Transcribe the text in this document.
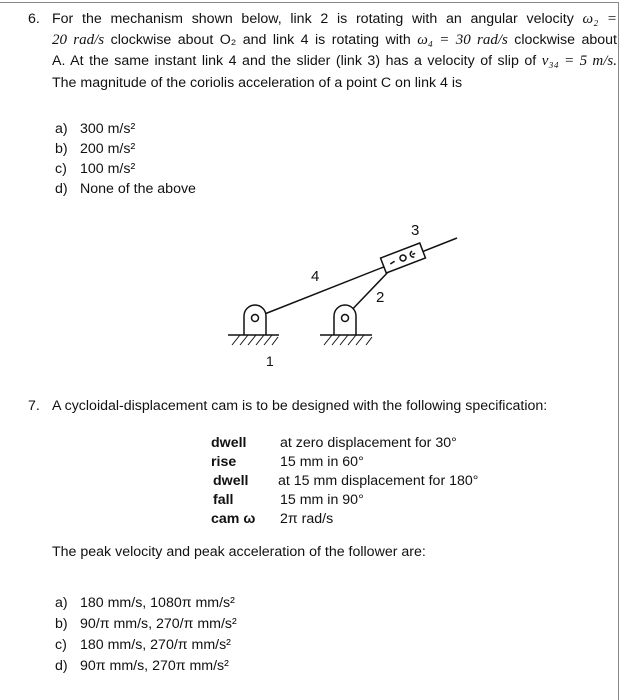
6. For the mechanism shown below, link 2 is rotating with an angular velocity ω₂ =
20 rad/s clockwise about O₂ and link 4 is rotating with ω₄ = 30 rad/s clockwise about
A. At the same instant link 4 and the slider (link 3) has a velocity of slip of v₃₄ = 5 m/s.
The magnitude of the coriolis acceleration of a point C on link 4 is
a) 300 m/s²
b) 200 m/s²
c) 100 m/s²
d) None of the above
4
2
3
1
7. A cycloidal-displacement cam is to be designed with the following specification:
dwell at zero displacement for 30°
rise	15 mm in 60°
dwell at 15 mm displacement for 180°
fall	15 mm in 90°
cam ω 2π rad/s
The peak velocity and peak acceleration of the follower are:
a) 180 mm/s, 1080π mm/s²
b) 90/π mm/s, 270/π mm/s²
c) 180 mm/s, 270/π mm/s²
d) 90π mm/s, 270π mm/s²
